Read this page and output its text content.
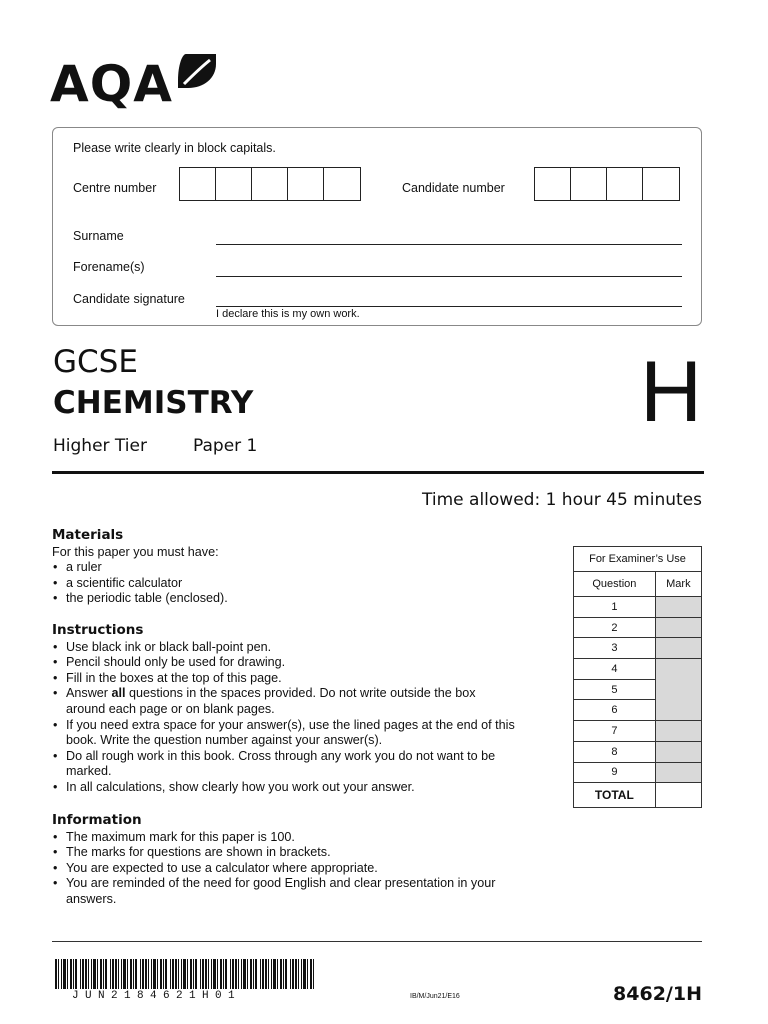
AQA
Please write clearly in block capitals.
Centre number	Candidate number
Surname
Forename(s)
Candidate signature
I declare this is my own work.
GCSE
CHEMISTRY
Higher Tier	Paper 1
H
Time allowed: 1 hour 45 minutes
Materials

For this paper you must have:

• a ruler
• a scientific calculator
• the periodic table (enclosed).
Instructions
• Use black ink or black ball-point pen.
• Pencil should only be used for drawing.
• Fill in the boxes at the top of this page.
• Answer all questions in the spaces provided. Do not write outside the box around each page or on blank pages.
• If you need extra space for your answer(s), use the lined pages at the end of this book. Write the question number against your answer(s).
• Do all rough work in this book. Cross through any work you do not want to be marked.
• In all calculations, show clearly how you work out your answer.
Information
• The maximum mark for this paper is 100.
• The marks for questions are shown in brackets.
• You are expected to use a calculator where appropriate.
• You are reminded of the need for good English and clear presentation in your answers.
For Examiner’s Use	
Question	Mark
1	
2	
3	
4	
5	
6	
7	
8	
9	
TOTAL	
JUN2184621H01	IB/M/Jun21/E16	8462/1H
